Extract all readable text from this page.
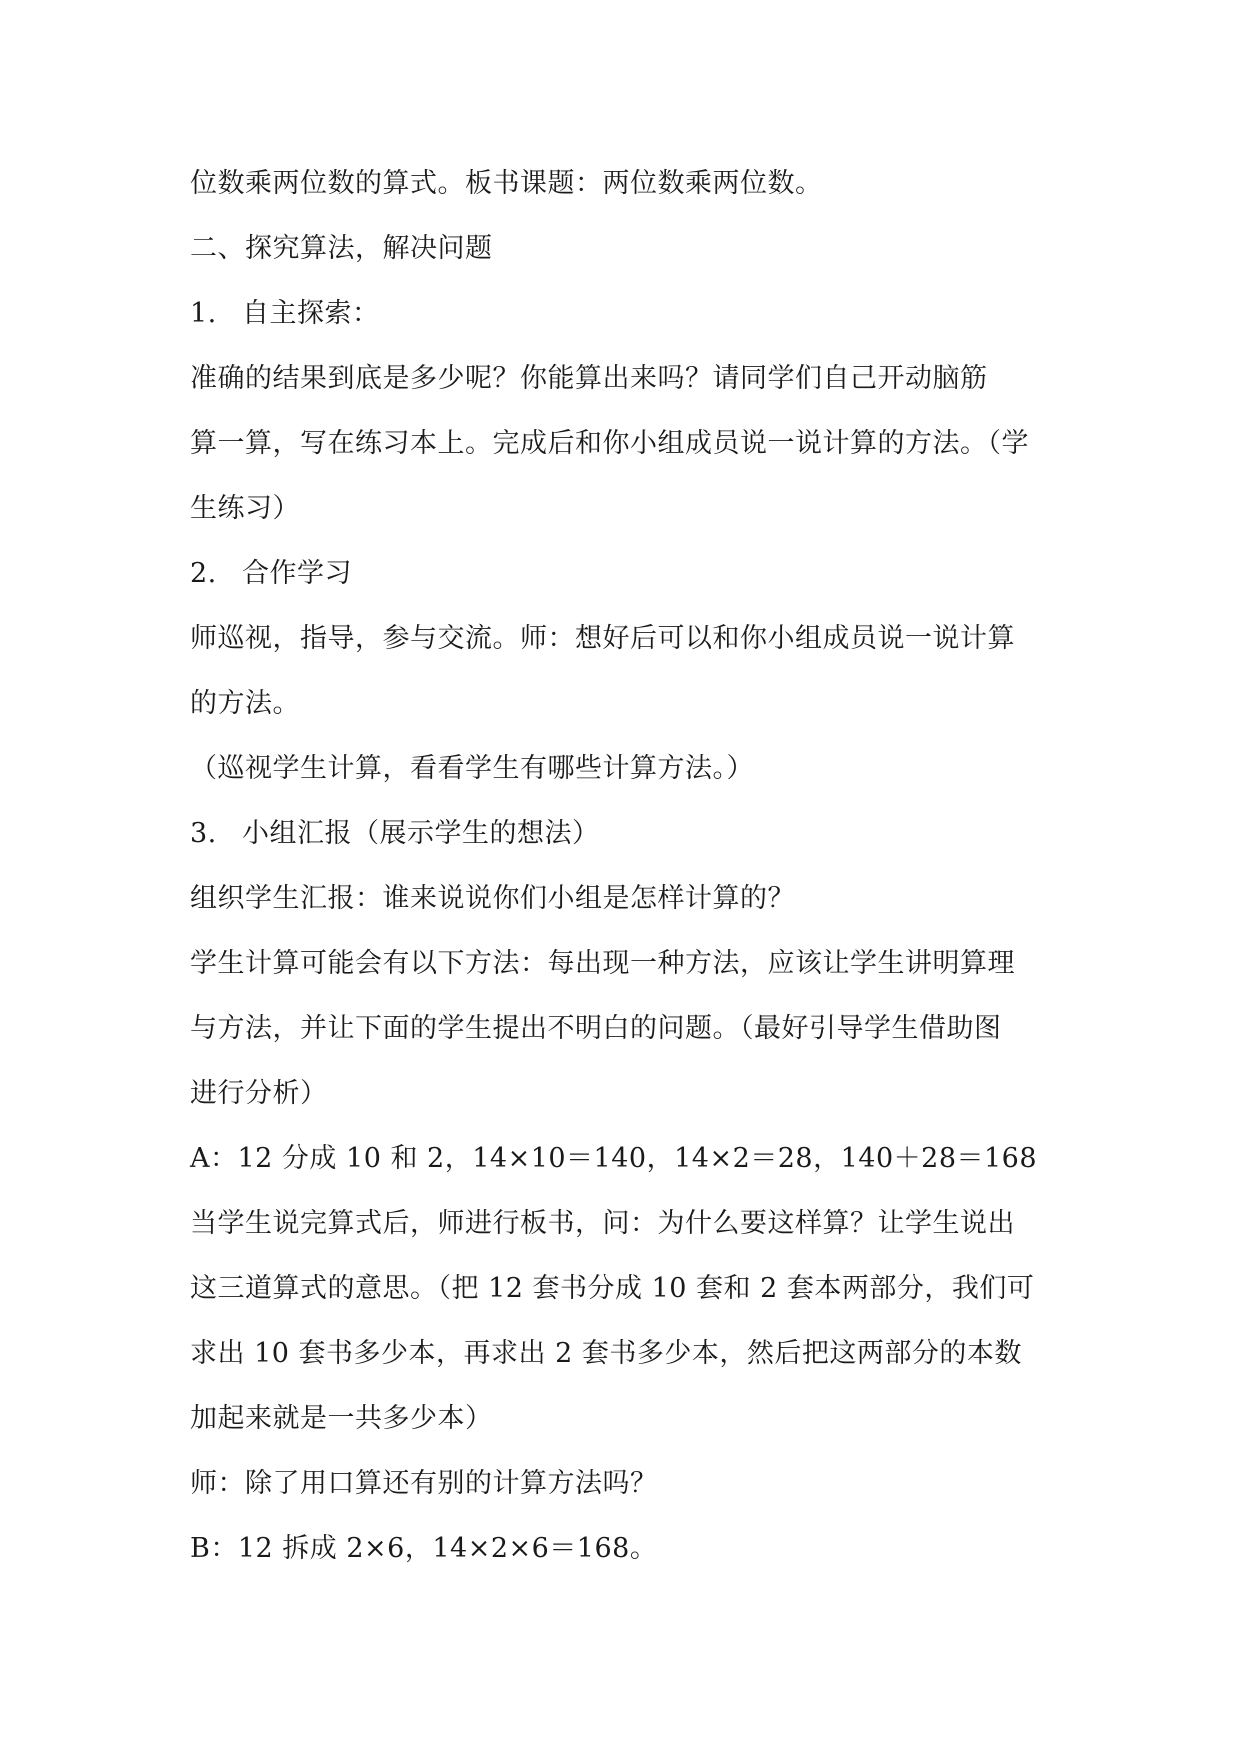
位数乘两位数的算式。板书课题：两位数乘两位数。
二、探究算法，解决问题
1. 自主探索：
准确的结果到底是多少呢？你能算出来吗？请同学们自己开动脑筋
算一算，写在练习本上。完成后和你小组成员说一说计算的方法。（学
生练习）
2. 合作学习
师巡视，指导，参与交流。师：想好后可以和你小组成员说一说计算
的方法。
（巡视学生计算，看看学生有哪些计算方法。）
3. 小组汇报（展示学生的想法）
组织学生汇报：谁来说说你们小组是怎样计算的？
学生计算可能会有以下方法：每出现一种方法，应该让学生讲明算理
与方法，并让下面的学生提出不明白的问题。（最好引导学生借助图
进行分析）
A：12 分成 10 和 2，14×10＝140，14×2＝28，140＋28＝168
当学生说完算式后，师进行板书，问：为什么要这样算？让学生说出
这三道算式的意思。（把 12 套书分成 10 套和 2 套本两部分，我们可
求出 10 套书多少本，再求出 2 套书多少本，然后把这两部分的本数
加起来就是一共多少本）
师：除了用口算还有别的计算方法吗？
B：12 拆成 2×6，14×2×6＝168。
